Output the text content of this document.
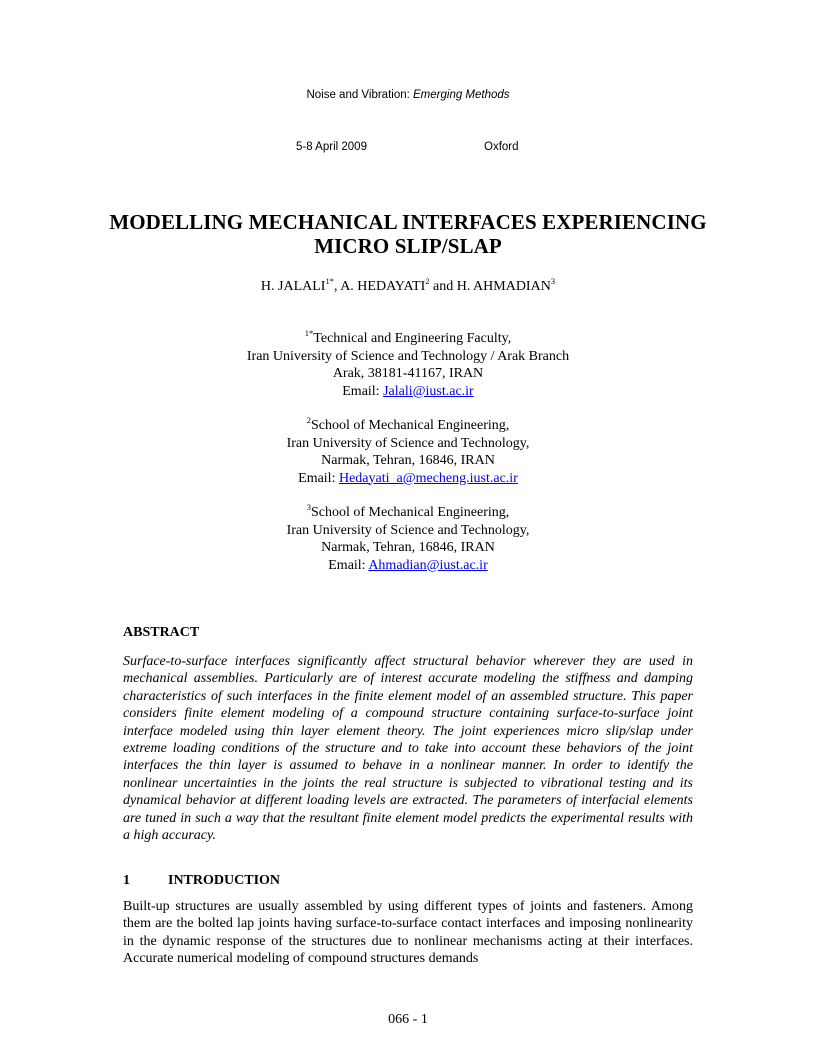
Noise and Vibration: Emerging Methods
5-8 April 2009	Oxford
MODELLING MECHANICAL INTERFACES EXPERIENCING
MICRO SLIP/SLAP
H. $JALALI^{1*}$, A. HEDAYATI$^2$ and H. AHMADIAN$^3$
$^{1*}$Technical and Engineering Faculty,
Iran University of Science and Technology / Arak Branch
Arak, 38181-41167, IRAN
Email: Jalali@iust.ac.ir
$^2$School of Mechanical Engineering,
Iran University of Science and Technology,
Narmak, Tehran, 16846, IRAN
Email: Hedayati_a@mecheng.iust.ac.ir
$^3$School of Mechanical Engineering,
Iran University of Science and Technology,
Narmak, Tehran, 16846, IRAN
Email: Ahmadian@iust.ac.ir
ABSTRACT
Surface-to-surface interfaces significantly affect structural behavior wherever they are used in mechanical assemblies. Particularly are of interest accurate modeling the stiffness and damping characteristics of such interfaces in the finite element model of an assembled structure. This paper considers finite element modeling of a compound structure containing surface-to-surface joint interface modeled using thin layer element theory. The joint experiences micro slip/slap under extreme loading conditions of the structure and to take into account these behaviors of the joint interfaces the thin layer is assumed to behave in a nonlinear manner. In order to identify the nonlinear uncertainties in the joints the real structure is subjected to vibrational testing and its dynamical behavior at different loading levels are extracted. The parameters of interfacial elements are tuned in such a way that the resultant finite element model predicts the experimental results with a high accuracy.
1	INTRODUCTION
Built-up structures are usually assembled by using different types of joints and fasteners. Among them are the bolted lap joints having surface-to-surface contact interfaces and imposing nonlinearity in the dynamic response of the structures due to nonlinear mechanisms acting at their interfaces. Accurate numerical modeling of compound structures demands
066 - 1
